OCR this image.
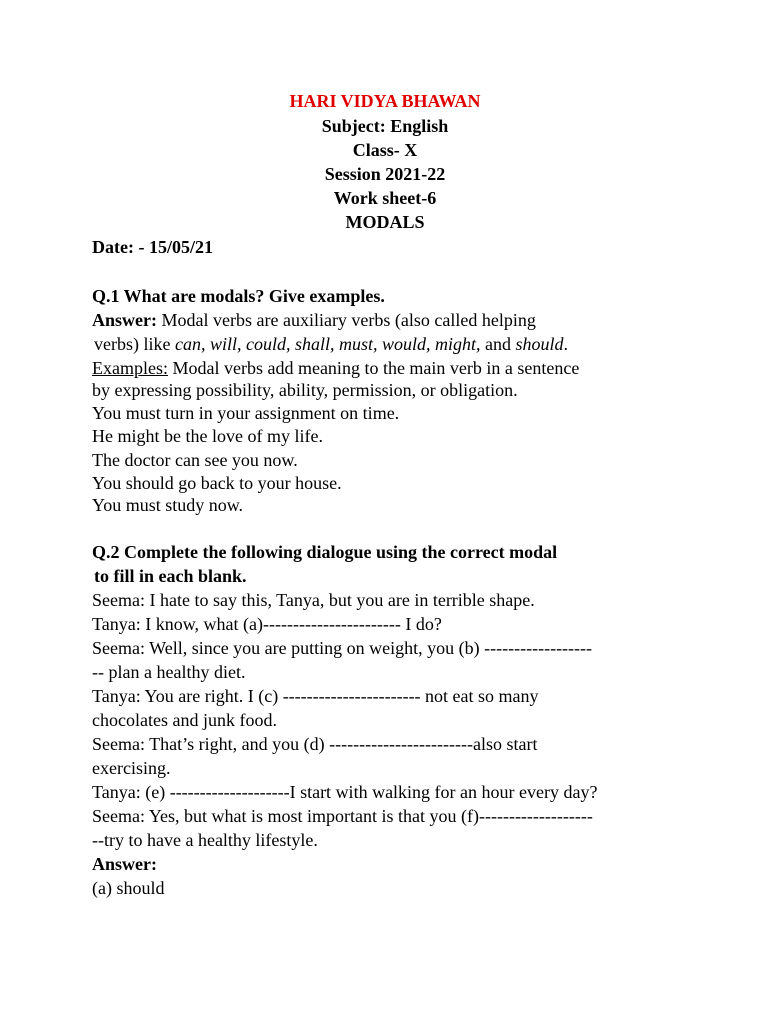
HARI VIDYA BHAWAN
Subject: English
Class- X
Session 2021-22
Work sheet-6
MODALS
Date: - 15/05/21
Q.1 What are modals? Give examples.
Answer: Modal verbs are auxiliary verbs (also called helping
verbs) like can, will, could, shall, must, would, might, and should.
Examples: Modal verbs add meaning to the main verb in a sentence
by expressing possibility, ability, permission, or obligation.
You must turn in your assignment on time.
He might be the love of my life.
The doctor can see you now.
You should go back to your house.
You must study now.
Q.2 Complete the following dialogue using the correct modal
to fill in each blank.
Seema: I hate to say this, Tanya, but you are in terrible shape.
Tanya: I know, what (a)----------------------- I do?
Seema: Well, since you are putting on weight, you (b) ------------------
-- plan a healthy diet.
Tanya: You are right. I (c) ----------------------- not eat so many
chocolates and junk food.
Seema: That’s right, and you (d) ------------------------also start
exercising.
Tanya: (e) --------------------I start with walking for an hour every day?
Seema: Yes, but what is most important is that you (f)-------------------
--try to have a healthy lifestyle.
Answer:
(a) should
